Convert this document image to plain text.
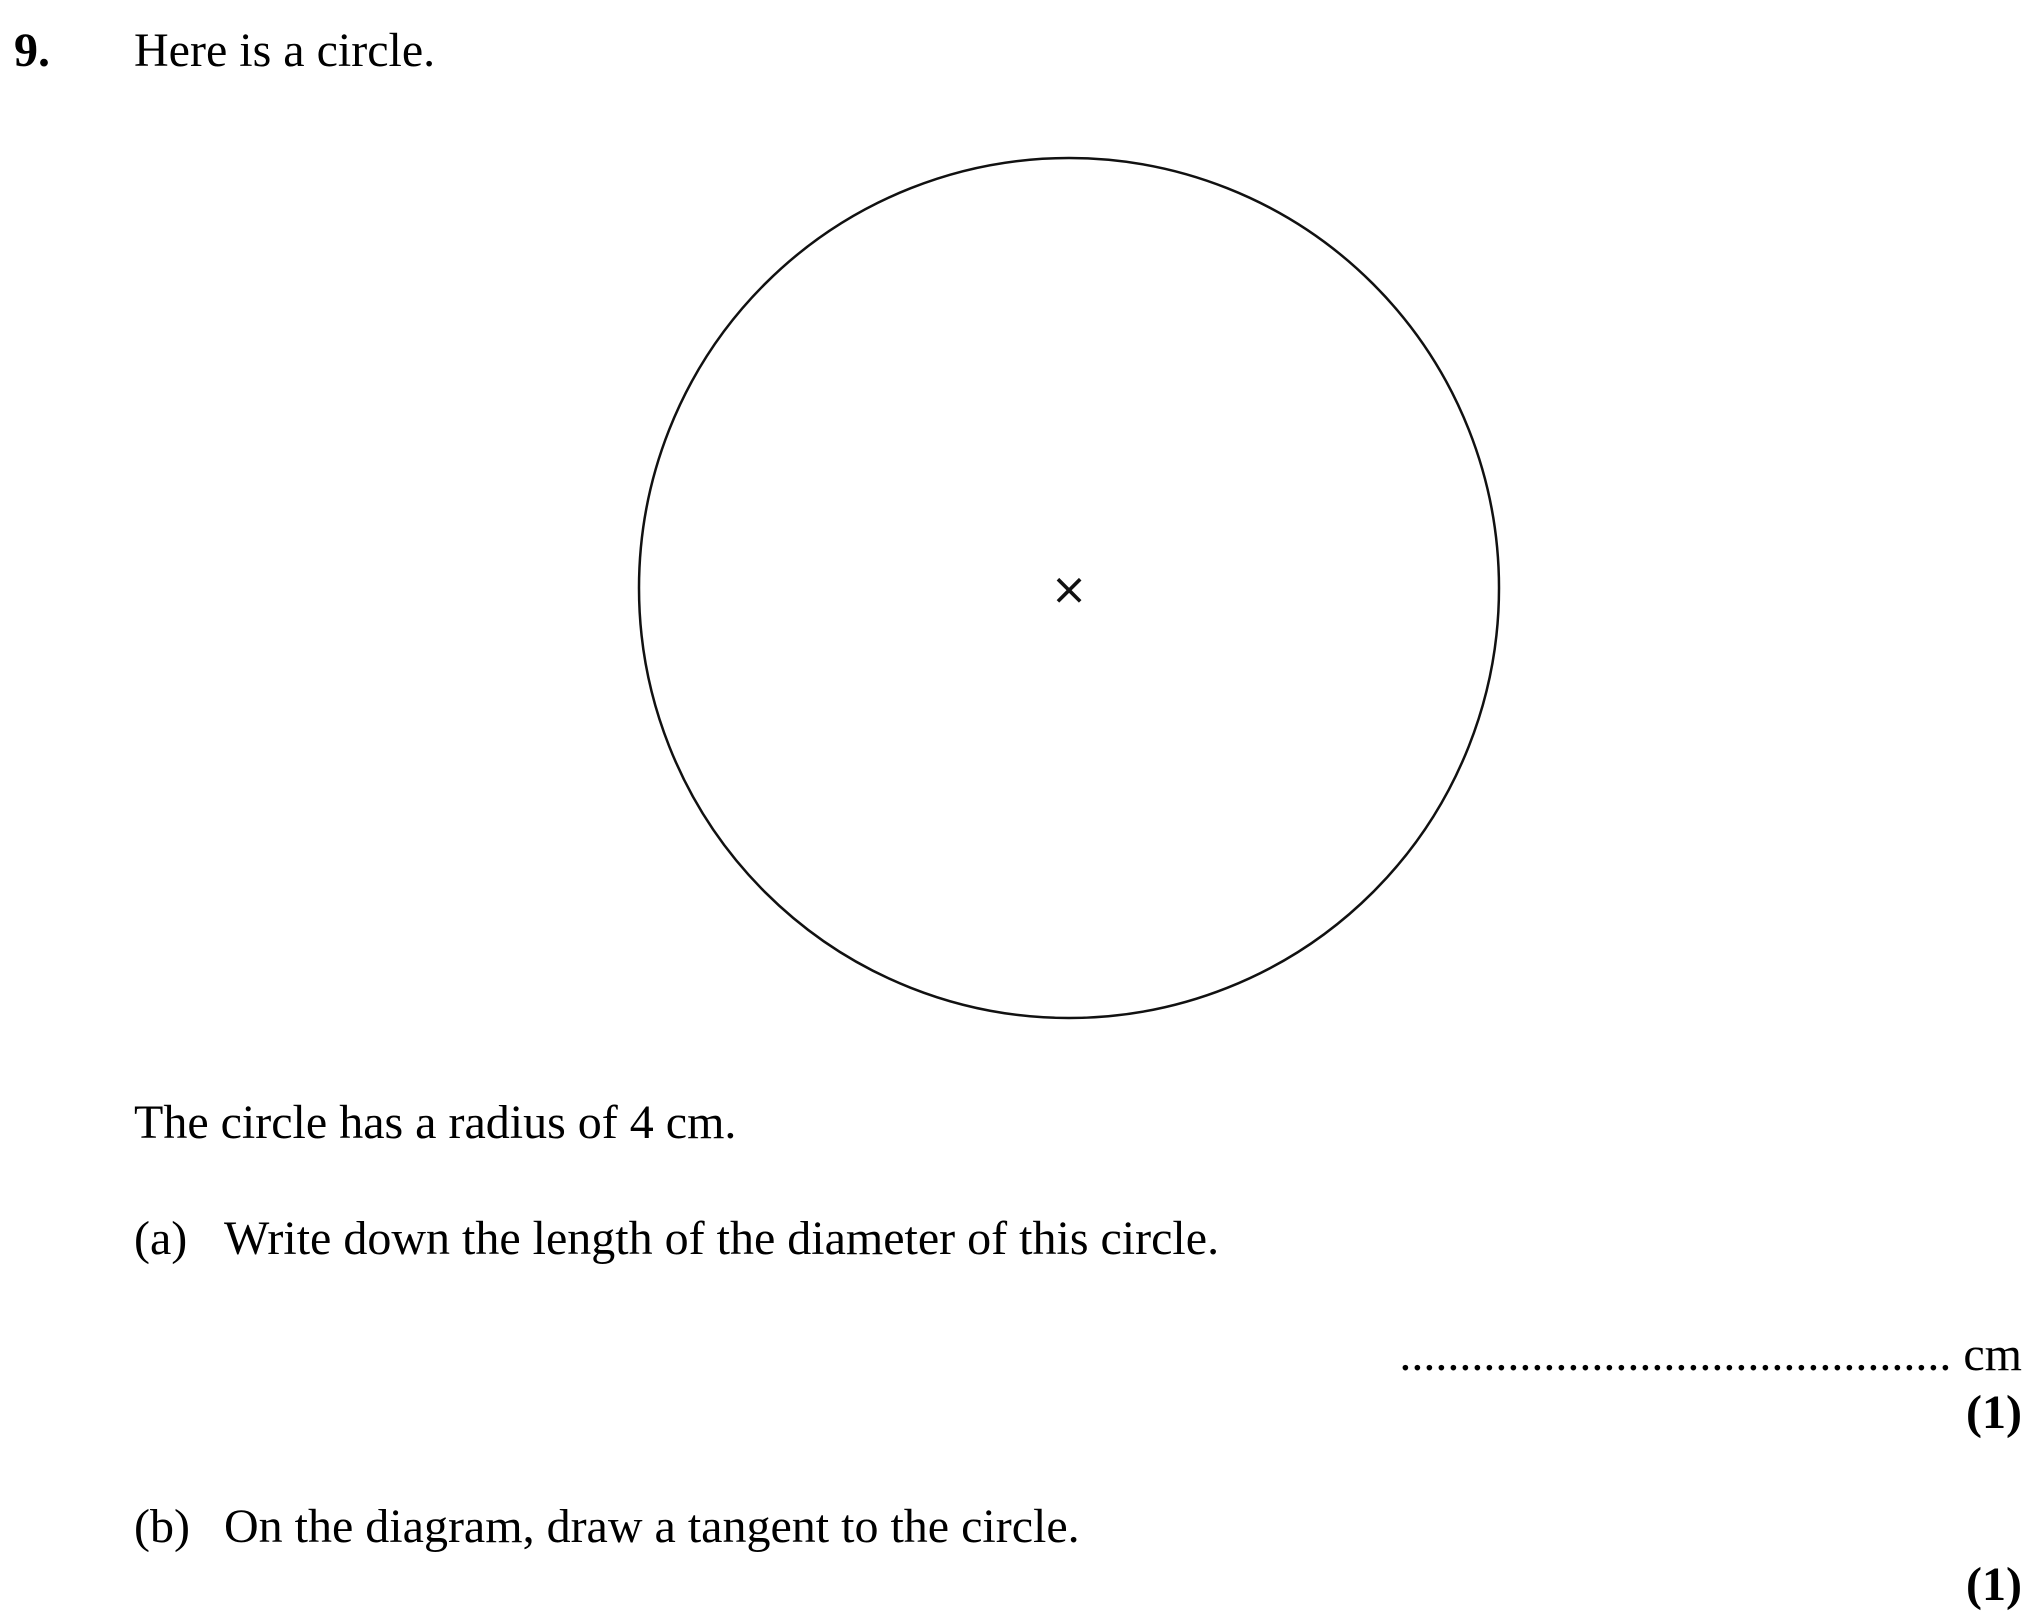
9. Here is a circle.
×
The circle has a radius of 4 cm.
(a) Write down the length of the diameter of this circle.
.............................................. cm
(1)
(b) On the diagram, draw a tangent to the circle.
(1)
